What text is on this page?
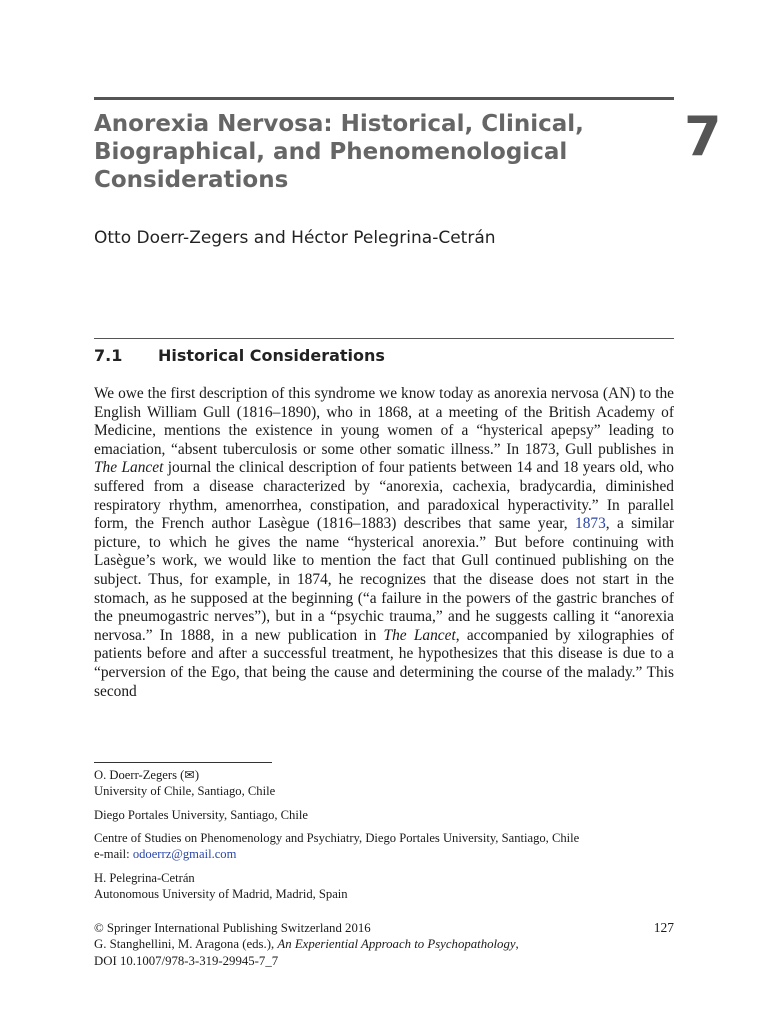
Anorexia Nervosa: Historical, Clinical,
Biographical, and Phenomenological
Considerations
7
Otto Doerr-Zegers and Héctor Pelegrina-Cetrán
7.1 Historical Considerations
We owe the first description of this syndrome we know today as anorexia nervosa (AN) to the English William Gull (1816–1890), who in 1868, at a meeting of the British Academy of Medicine, mentions the existence in young women of a “hysterical apepsy” leading to emaciation, “absent tuberculosis or some other somatic illness.” In 1873, Gull publishes in The Lancet journal the clinical description of four patients between 14 and 18 years old, who suffered from a disease characterized by “anorexia, cachexia, bradycardia, diminished respiratory rhythm, amenorrhea, constipation, and paradoxical hyperactivity.” In parallel form, the French author Lasègue (1816–1883) describes that same year, 1873, a similar picture, to which he gives the name “hysterical anorexia.” But before continuing with Lasègue’s work, we would like to mention the fact that Gull continued publishing on the subject. Thus, for example, in 1874, he recognizes that the disease does not start in the stomach, as he supposed at the beginning (“a failure in the powers of the gastric branches of the pneumogastric nerves”), but in a “psychic trauma,” and he suggests calling it “anorexia nervosa.” In 1888, in a new publication in The Lancet, accompanied by xilographies of patients before and after a successful treatment, he hypothesizes that this disease is due to a “perversion of the Ego, that being the cause and determining the course of the malady.” This second

O. Doerr-Zegers (✉)

University of Chile, Santiago, Chile

Diego Portales University, Santiago, Chile

Centre of Studies on Phenomenology and Psychiatry, Diego Portales University, Santiago, Chile

e-mail: odoerrz@gmail.com

H. Pelegrina-Cetrán

Autonomous University of Madrid, Madrid, Spain

© Springer International Publishing Switzerland 2016

G. Stanghellini, M. Aragona (eds.), An Experiential Approach to Psychopathology,

DOI 10.1007/978-3-319-29945-7_7

127
